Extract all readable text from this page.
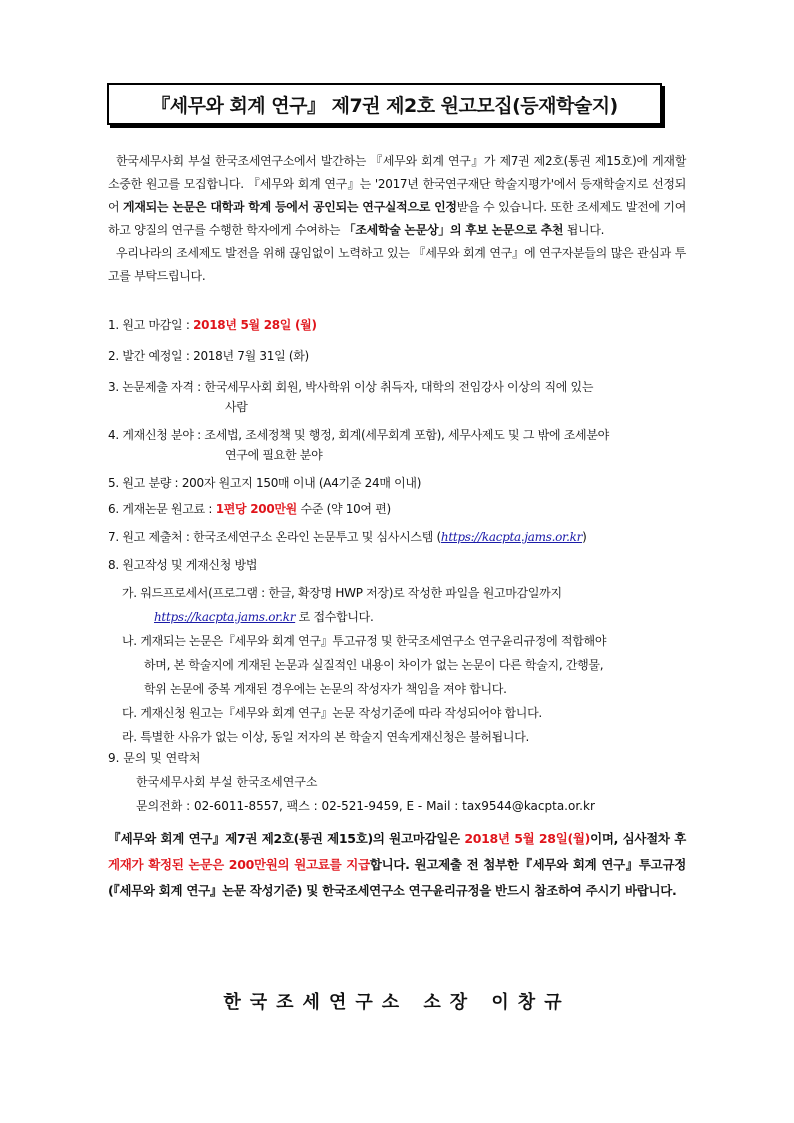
『세무와 회계 연구』 제7권 제2호 원고모집(등재학술지)

한국세무사회 부설 한국조세연구소에서 발간하는 『세무와 회계 연구』가 제7권 제2호(통권 제15호)에 게재할 소중한 원고를 모집합니다. 『세무와 회계 연구』는 '2017년 한국연구재단 학술지평가'에서 등재학술지로 선정되어 게재되는 논문은 대학과 학계 등에서 공인되는 연구실적으로 인정받을 수 있습니다. 또한 조세제도 발전에 기여하고 양질의 연구를 수행한 학자에게 수여하는 「조세학술 논문상」의 후보 논문으로 추천 됩니다.

우리나라의 조세제도 발전을 위해 끊임없이 노력하고 있는 『세무와 회계 연구』에 연구자분들의 많은 관심과 투고를 부탁드립니다.

1. 원고 마감일 : 2018년 5월 28일 (월)
2. 발간 예정일 : 2018년 7월 31일 (화)
3. 논문제출 자격 : 한국세무사회 회원, 박사학위 이상 취득자, 대학의 전임강사 이상의 직에 있는
사람
4. 게재신청 분야 : 조세법, 조세정책 및 행정, 회계(세무회계 포함), 세무사제도 및 그 밖에 조세분야
연구에 필요한 분야
5. 원고 분량 : 200자 원고지 150매 이내 (A4기준 24매 이내)
6. 게재논문 원고료 : 1편당 200만원 수준 (약 10여 편)
7. 원고 제출처 : 한국조세연구소 온라인 논문투고 및 심사시스템 (https://kacpta.jams.or.kr)
8. 원고작성 및 게재신청 방법
가. 워드프로세서(프로그램 : 한글, 확장명 HWP 저장)로 작성한 파일을 원고마감일까지
https://kacpta.jams.or.kr 로 접수합니다.
나. 게재되는 논문은『세무와 회계 연구』투고규정 및 한국조세연구소 연구윤리규정에 적합해야
하며, 본 학술지에 게재된 논문과 실질적인 내용이 차이가 없는 논문이 다른 학술지, 간행물,
학위 논문에 중복 게재된 경우에는 논문의 작성자가 책임을 져야 합니다.
다. 게재신청 원고는『세무와 회계 연구』논문 작성기준에 따라 작성되어야 합니다.
라. 특별한 사유가 없는 이상, 동일 저자의 본 학술지 연속게재신청은 불허됩니다.
9. 문의 및 연락처
한국세무사회 부설 한국조세연구소
문의전화 : 02-6011-8557, 팩스 : 02-521-9459, E - Mail : tax9544@kacpta.or.kr
『세무와 회계 연구』제7권 제2호(통권 제15호)의 원고마감일은 2018년 5월 28일(월)이며, 심사절차 후 게재가 확정된 논문은 200만원의 원고료를 지급합니다. 원고제출 전 첨부한『세무와 회계 연구』투고규정(『세무와 회계 연구』논문 작성기준) 및 한국조세연구소 연구윤리규정을 반드시 참조하여 주시기 바랍니다.
한국조세연구소 소장 이창규
